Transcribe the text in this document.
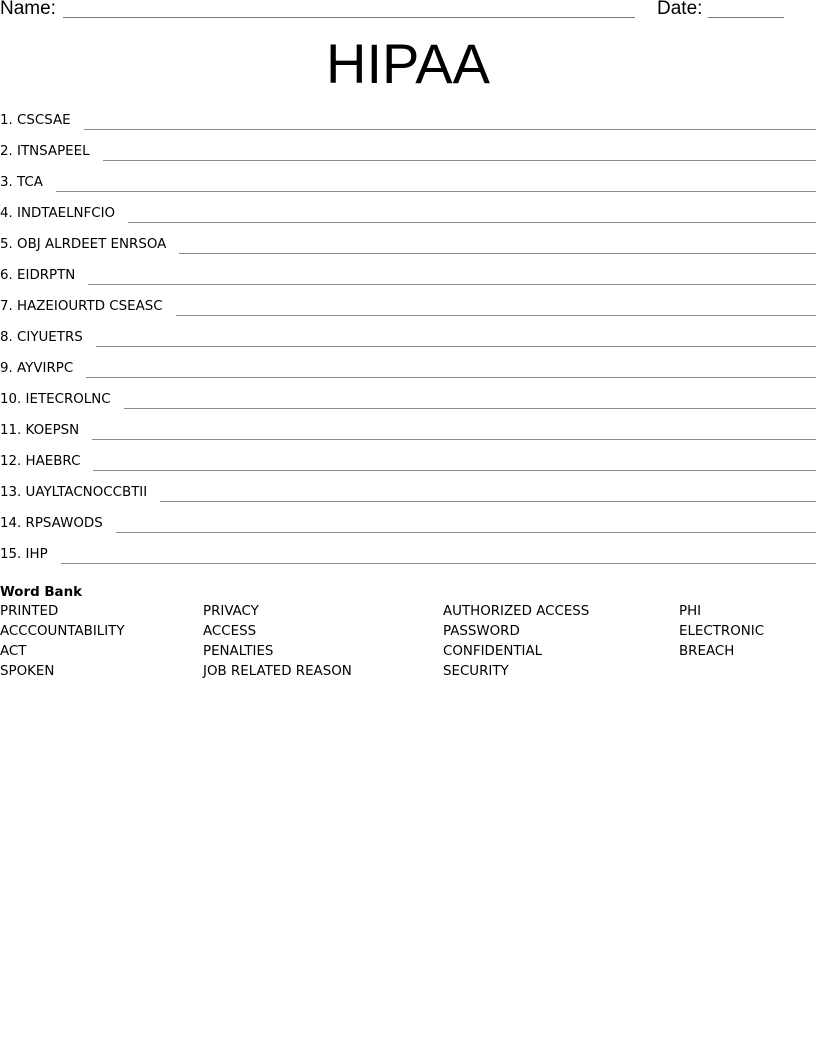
Name:	Date:
HIPAA
1. CSCSAE
2. ITNSAPEEL
3. TCA
4. INDTAELNFCIO
5. OBJ ALRDEET ENRSOA
6. EIDRPTN
7. HAZEIOURTD CSEASC
8. CIYUETRS
9. AYVIRPC
10. IETECROLNC
11. KOEPSN
12. HAEBRC
13. UAYLTACNOCCBTII
14. RPSAWODS
15. IHP
Word Bank
PRINTED
ACCCOUNTABILITY
ACT
SPOKEN
PRIVACY
ACCESS
PENALTIES
JOB RELATED REASON
AUTHORIZED ACCESS
PASSWORD
CONFIDENTIAL
SECURITY
PHI
ELECTRONIC
BREACH
